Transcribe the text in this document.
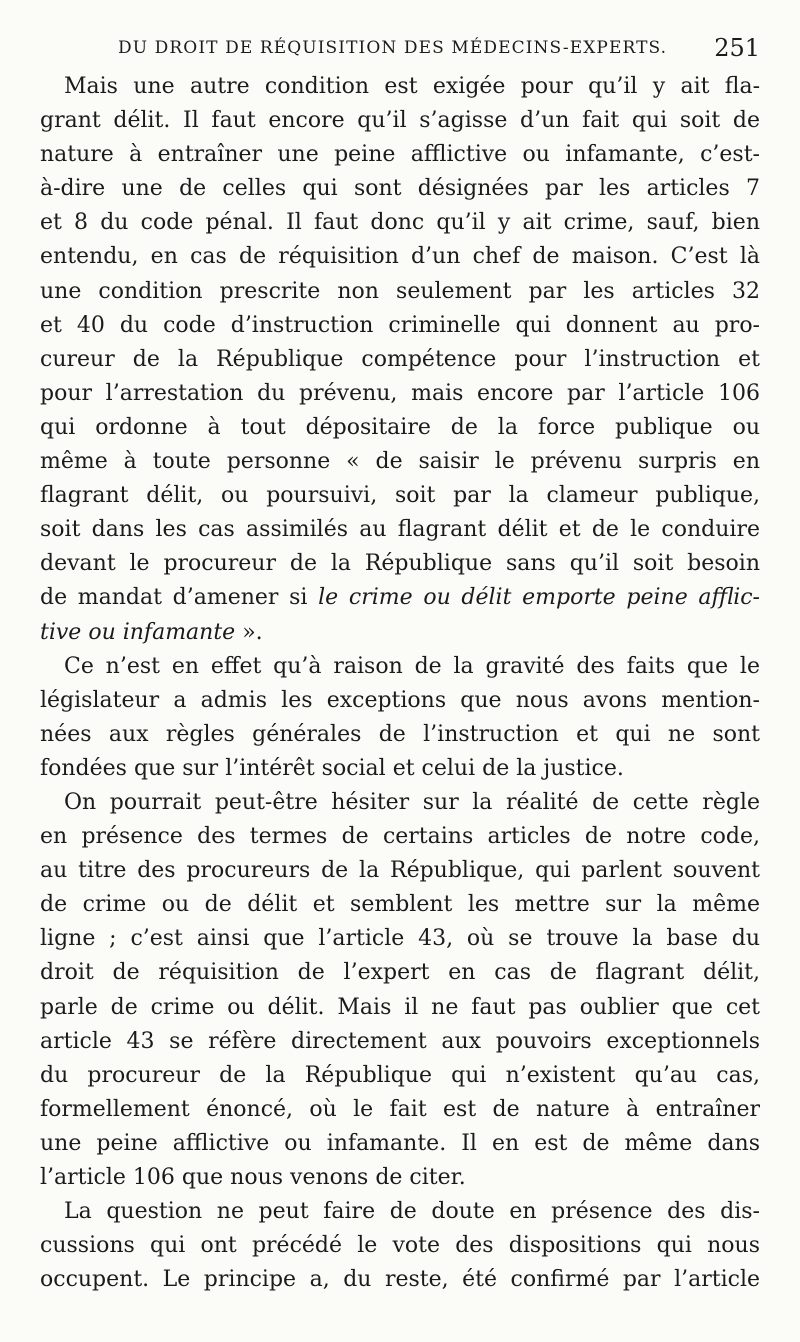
DU DROIT DE RÉQUISITION DES MÉDECINS-EXPERTS. 251
Mais une autre condition est exigée pour qu’il y ait fla-
grant délit. Il faut encore qu’il s’agisse d’un fait qui soit de
nature à entraîner une peine afflictive ou infamante, c’est-
à-dire une de celles qui sont désignées par les articles 7
et 8 du code pénal. Il faut donc qu’il y ait crime, sauf, bien
entendu, en cas de réquisition d’un chef de maison. C’est là
une condition prescrite non seulement par les articles 32
et 40 du code d’instruction criminelle qui donnent au pro-
cureur de la République compétence pour l’instruction et
pour l’arrestation du prévenu, mais encore par l’article 106
qui ordonne à tout dépositaire de la force publique ou
même à toute personne « de saisir le prévenu surpris en
flagrant délit, ou poursuivi, soit par la clameur publique,
soit dans les cas assimilés au flagrant délit et de le conduire
devant le procureur de la République sans qu’il soit besoin
de mandat d’amener si le crime ou délit emporte peine afflic-
tive ou infamante ».
Ce n’est en effet qu’à raison de la gravité des faits que le
législateur a admis les exceptions que nous avons mention-
nées aux règles générales de l’instruction et qui ne sont
fondées que sur l’intérêt social et celui de la justice.
On pourrait peut-être hésiter sur la réalité de cette règle
en présence des termes de certains articles de notre code,
au titre des procureurs de la République, qui parlent souvent
de crime ou de délit et semblent les mettre sur la même
ligne ; c’est ainsi que l’article 43, où se trouve la base du
droit de réquisition de l’expert en cas de flagrant délit,
parle de crime ou délit. Mais il ne faut pas oublier que cet
article 43 se réfère directement aux pouvoirs exceptionnels
du procureur de la République qui n’existent qu’au cas,
formellement énoncé, où le fait est de nature à entraîner
une peine afflictive ou infamante. Il en est de même dans
l’article 106 que nous venons de citer.
La question ne peut faire de doute en présence des dis-
cussions qui ont précédé le vote des dispositions qui nous
occupent. Le principe a, du reste, été confirmé par l’article
